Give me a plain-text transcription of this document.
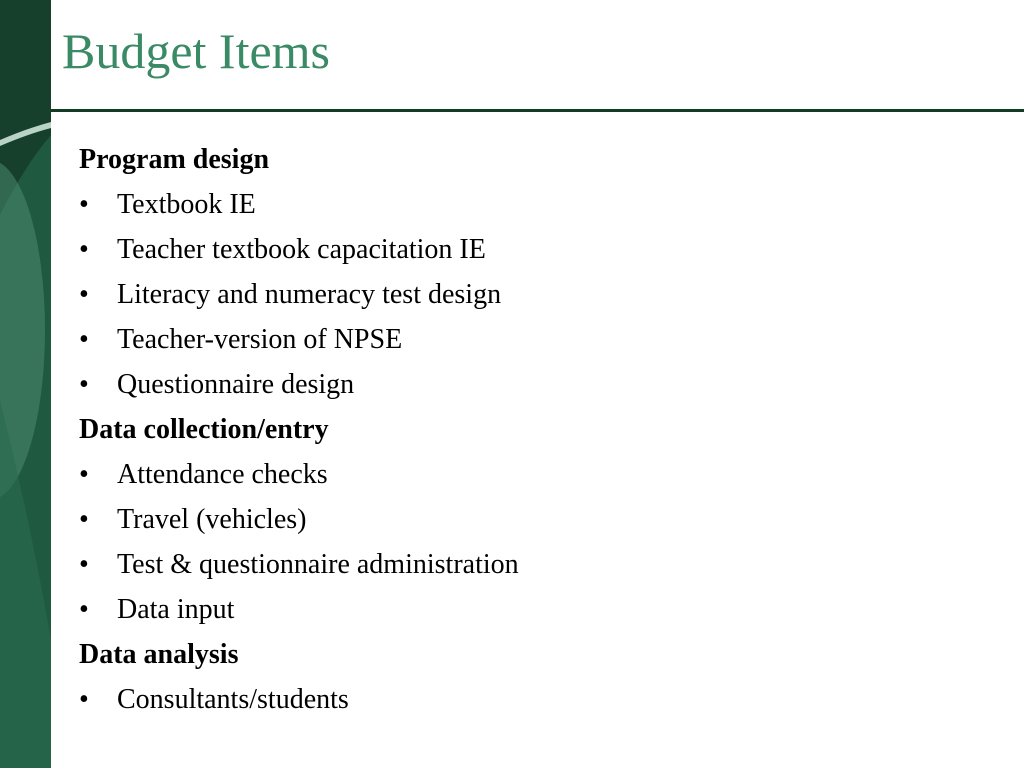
Budget Items
Program design
•	Textbook IE
•	Teacher textbook capacitation IE
•	Literacy and numeracy test design
•	Teacher-version of NPSE
•	Questionnaire design
Data collection/entry
•	Attendance checks
•	Travel (vehicles)
•	Test & questionnaire administration
•	Data input
Data analysis
•	Consultants/students
